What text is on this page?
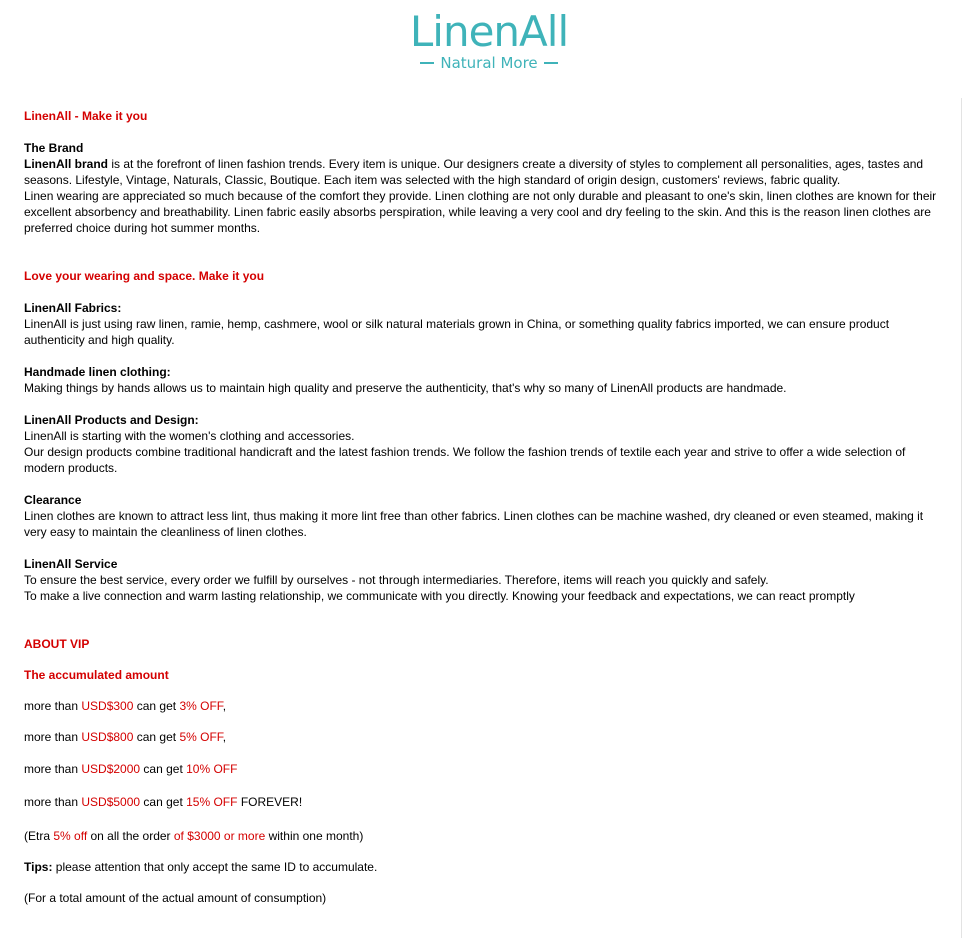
LinenAll
Natural More

LinenAll - Make it you

The Brand

LinenAll brand is at the forefront of linen fashion trends. Every item is unique. Our designers create a diversity of styles to complement all personalities, ages, tastes and seasons. Lifestyle, Vintage, Naturals, Classic, Boutique. Each item was selected with the high standard of origin design, customers' reviews, fabric quality.

Linen wearing are appreciated so much because of the comfort they provide. Linen clothing are not only durable and pleasant to one's skin, linen clothes are known for their excellent absorbency and breathability. Linen fabric easily absorbs perspiration, while leaving a very cool and dry feeling to the skin. And this is the reason linen clothes are preferred choice during hot summer months.

Love your wearing and space. Make it you

LinenAll Fabrics:

LinenAll is just using raw linen, ramie, hemp, cashmere, wool or silk natural materials grown in China, or something quality fabrics imported, we can ensure product authenticity and high quality.

Handmade linen clothing:

Making things by hands allows us to maintain high quality and preserve the authenticity, that's why so many of LinenAll products are handmade.

LinenAll Products and Design:

LinenAll is starting with the women's clothing and accessories.

Our design products combine traditional handicraft and the latest fashion trends. We follow the fashion trends of textile each year and strive to offer a wide selection of modern products.

Clearance

Linen clothes are known to attract less lint, thus making it more lint free than other fabrics. Linen clothes can be machine washed, dry cleaned or even steamed, making it very easy to maintain the cleanliness of linen clothes.

LinenAll Service

To ensure the best service, every order we fulfill by ourselves - not through intermediaries. Therefore, items will reach you quickly and safely.

To make a live connection and warm lasting relationship, we communicate with you directly. Knowing your feedback and expectations, we can react promptly

ABOUT VIP

The accumulated amount

more than USD$300 can get 3% OFF,

more than USD$800 can get 5% OFF,

more than USD$2000 can get 10% OFF

more than USD$5000 can get 15% OFF FOREVER!

(Etra 5% off on all the order of $3000 or more within one month)

Tips: please attention that only accept the same ID to accumulate.

(For a total amount of the actual amount of consumption)
